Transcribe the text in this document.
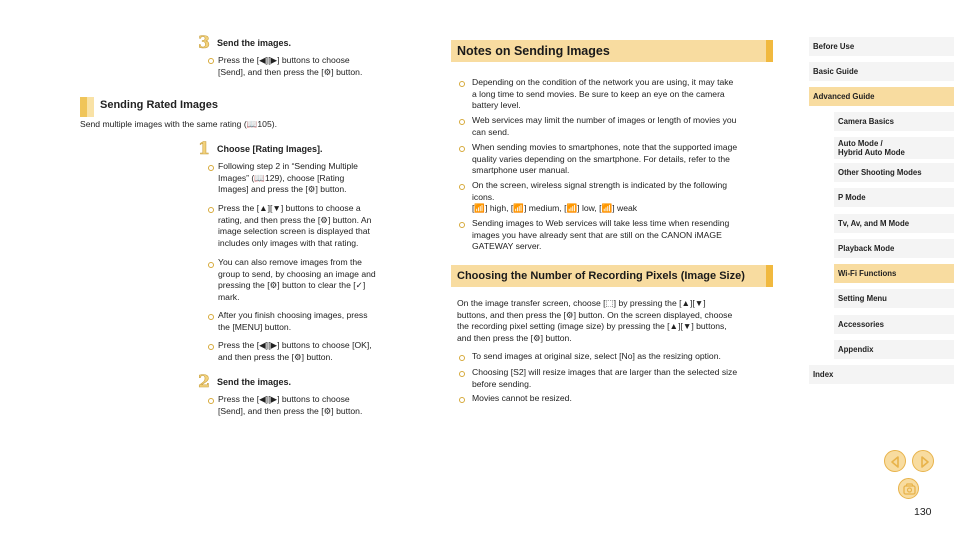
3 Send the images.
Press the [◀][▶] buttons to choose
[Send], and then press the [⚙] button.
Sending Rated Images
Send multiple images with the same rating (📖105).
1 Choose [Rating Images].
Following step 2 in “Sending Multiple
Images” (📖129), choose [Rating
Images] and press the [⚙] button.
Press the [▲][▼] buttons to choose a
rating, and then press the [⚙] button. An
image selection screen is displayed that
includes only images with that rating.
You can also remove images from the
group to send, by choosing an image and
pressing the [⚙] button to clear the [✓]
mark.
After you finish choosing images, press
the [MENU] button.
Press the [◀][▶] buttons to choose [OK],
and then press the [⚙] button.
2 Send the images.
Press the [◀][▶] buttons to choose
[Send], and then press the [⚙] button.
Notes on Sending Images
Depending on the condition of the network you are using, it may take
a long time to send movies. Be sure to keep an eye on the camera
battery level.
Web services may limit the number of images or length of movies you
can send.
When sending movies to smartphones, note that the supported image
quality varies depending on the smartphone. For details, refer to the
smartphone user manual.
On the screen, wireless signal strength is indicated by the following
icons.
[📶] high, [📶] medium, [📶] low, [📶] weak
Sending images to Web services will take less time when resending
images you have already sent that are still on the CANON iMAGE
GATEWAY server.
Choosing the Number of Recording Pixels (Image Size)
On the image transfer screen, choose [⬚] by pressing the [▲][▼]
buttons, and then press the [⚙] button. On the screen displayed, choose
the recording pixel setting (image size) by pressing the [▲][▼] buttons,
and then press the [⚙] button.
To send images at original size, select [No] as the resizing option.
Choosing [S2] will resize images that are larger than the selected size
before sending.
Movies cannot be resized.
Before Use
Basic Guide
Advanced Guide
Camera Basics
Auto Mode /
Hybrid Auto Mode
Other Shooting Modes
P Mode
Tv, Av, and M Mode
Playback Mode
Wi-Fi Functions
Setting Menu
Accessories
Appendix
Index
130
